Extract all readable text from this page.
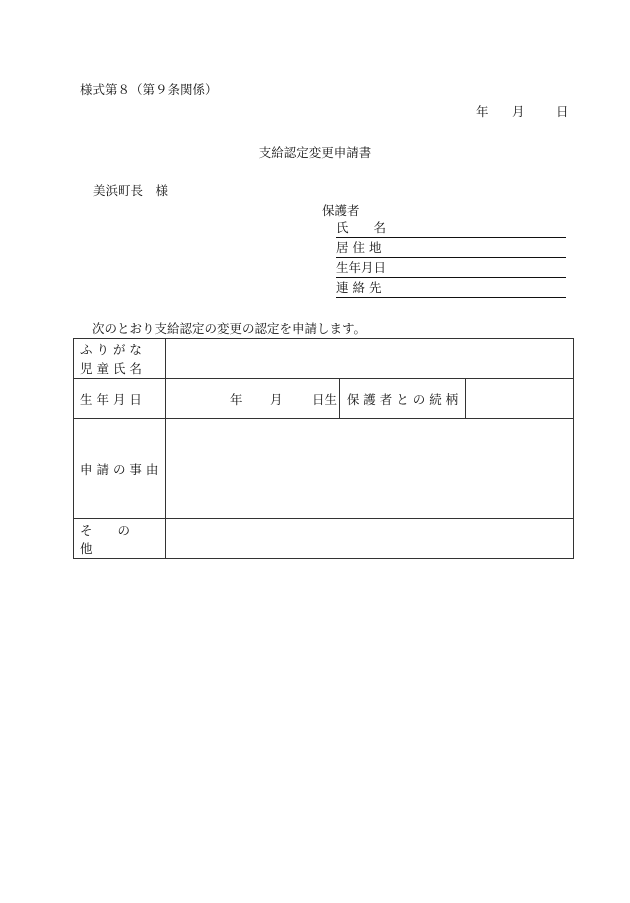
様式第８（第９条関係）
年 月	日
支給認定変更申請書
美浜町長　様
保護者
氏　　名
居 住 地
生年月日
連 絡 先
次のとおり支給認定の変更の認定を申請します。
ふ り が な
児 童 氏 名			

生 年 月 日	年 月 日生	保 護 者 と の 続 柄	

申 請 の 事 由			

そ　　の　　他			
